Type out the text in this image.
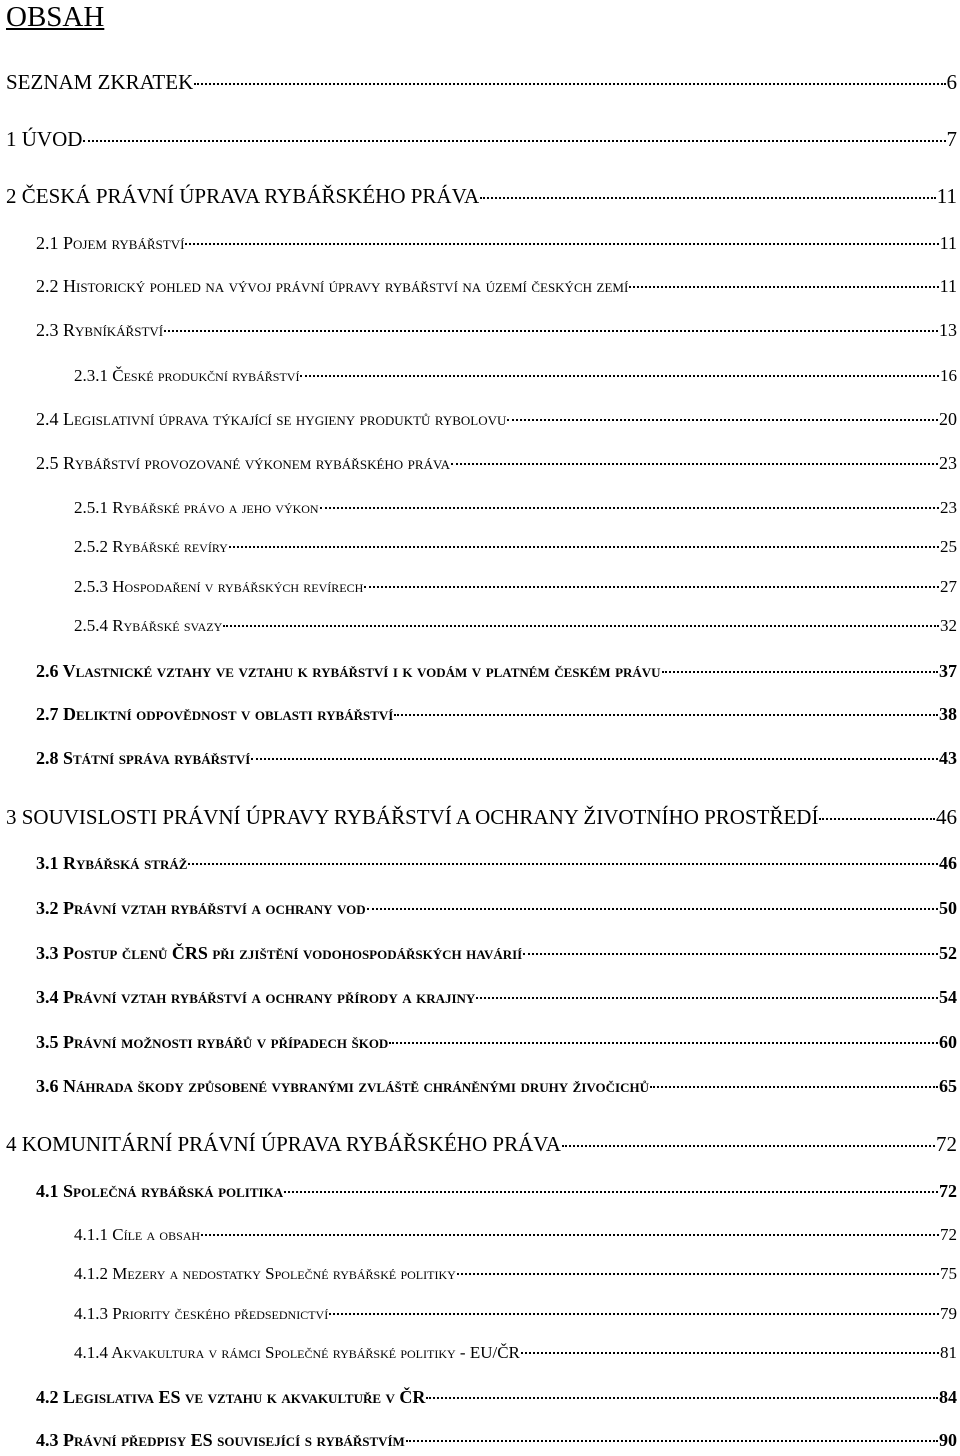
OBSAH
SEZNAM ZKRATEK	6
1 ÚVOD	7
2 ČESKÁ PRÁVNÍ ÚPRAVA RYBÁŘSKÉHO PRÁVA	11
2.1 Pojem rybářství	11
2.2 Historický pohled na vývoj právní úpravy rybářství na území českých zemí	11
2.3 Rybníkářství	13
2.3.1 České produkční rybářství	16
2.4 Legislativní úprava týkající se hygieny produktů rybolovu	20
2.5 Rybářství provozované výkonem rybářského práva	23
2.5.1 Rybářské právo a jeho výkon	23
2.5.2 Rybářské revíry	25
2.5.3 Hospodaření v rybářských revírech	27
2.5.4 Rybářské svazy	32
2.6 Vlastnické vztahy ve vztahu k rybářství i k vodám v platném českém právu	37
2.7 Deliktní odpovědnost v oblasti rybářství	38
2.8 Státní správa rybářství	43
3 SOUVISLOSTI PRÁVNÍ ÚPRAVY RYBÁŘSTVÍ A OCHRANY ŽIVOTNÍHO PROSTŘEDÍ	46
3.1 Rybářská stráž	46
3.2 Právní vztah rybářství a ochrany vod	50
3.3 Postup členů ČRS při zjištění vodohospodářských havárií	52
3.4 Právní vztah rybářství a ochrany přírody a krajiny	54
3.5 Právní možnosti rybářů v případech škod	60
3.6 Náhrada škody způsobené vybranými zvláště chráněnými druhy živočichů	65
4 KOMUNITÁRNÍ PRÁVNÍ ÚPRAVA RYBÁŘSKÉHO PRÁVA	72
4.1 Společná rybářská politika	72
4.1.1 Cíle a obsah	72
4.1.2 Mezery a nedostatky Společné rybářské politiky	75
4.1.3 Priority českého předsednictví	79
4.1.4 Akvakultura v rámci Společné rybářské politiky - EU/ČR	81
4.2 Legislativa ES ve vztahu k akvakultuře v ČR	84
4.3 Právní předpisy ES související s rybářstvím	90
